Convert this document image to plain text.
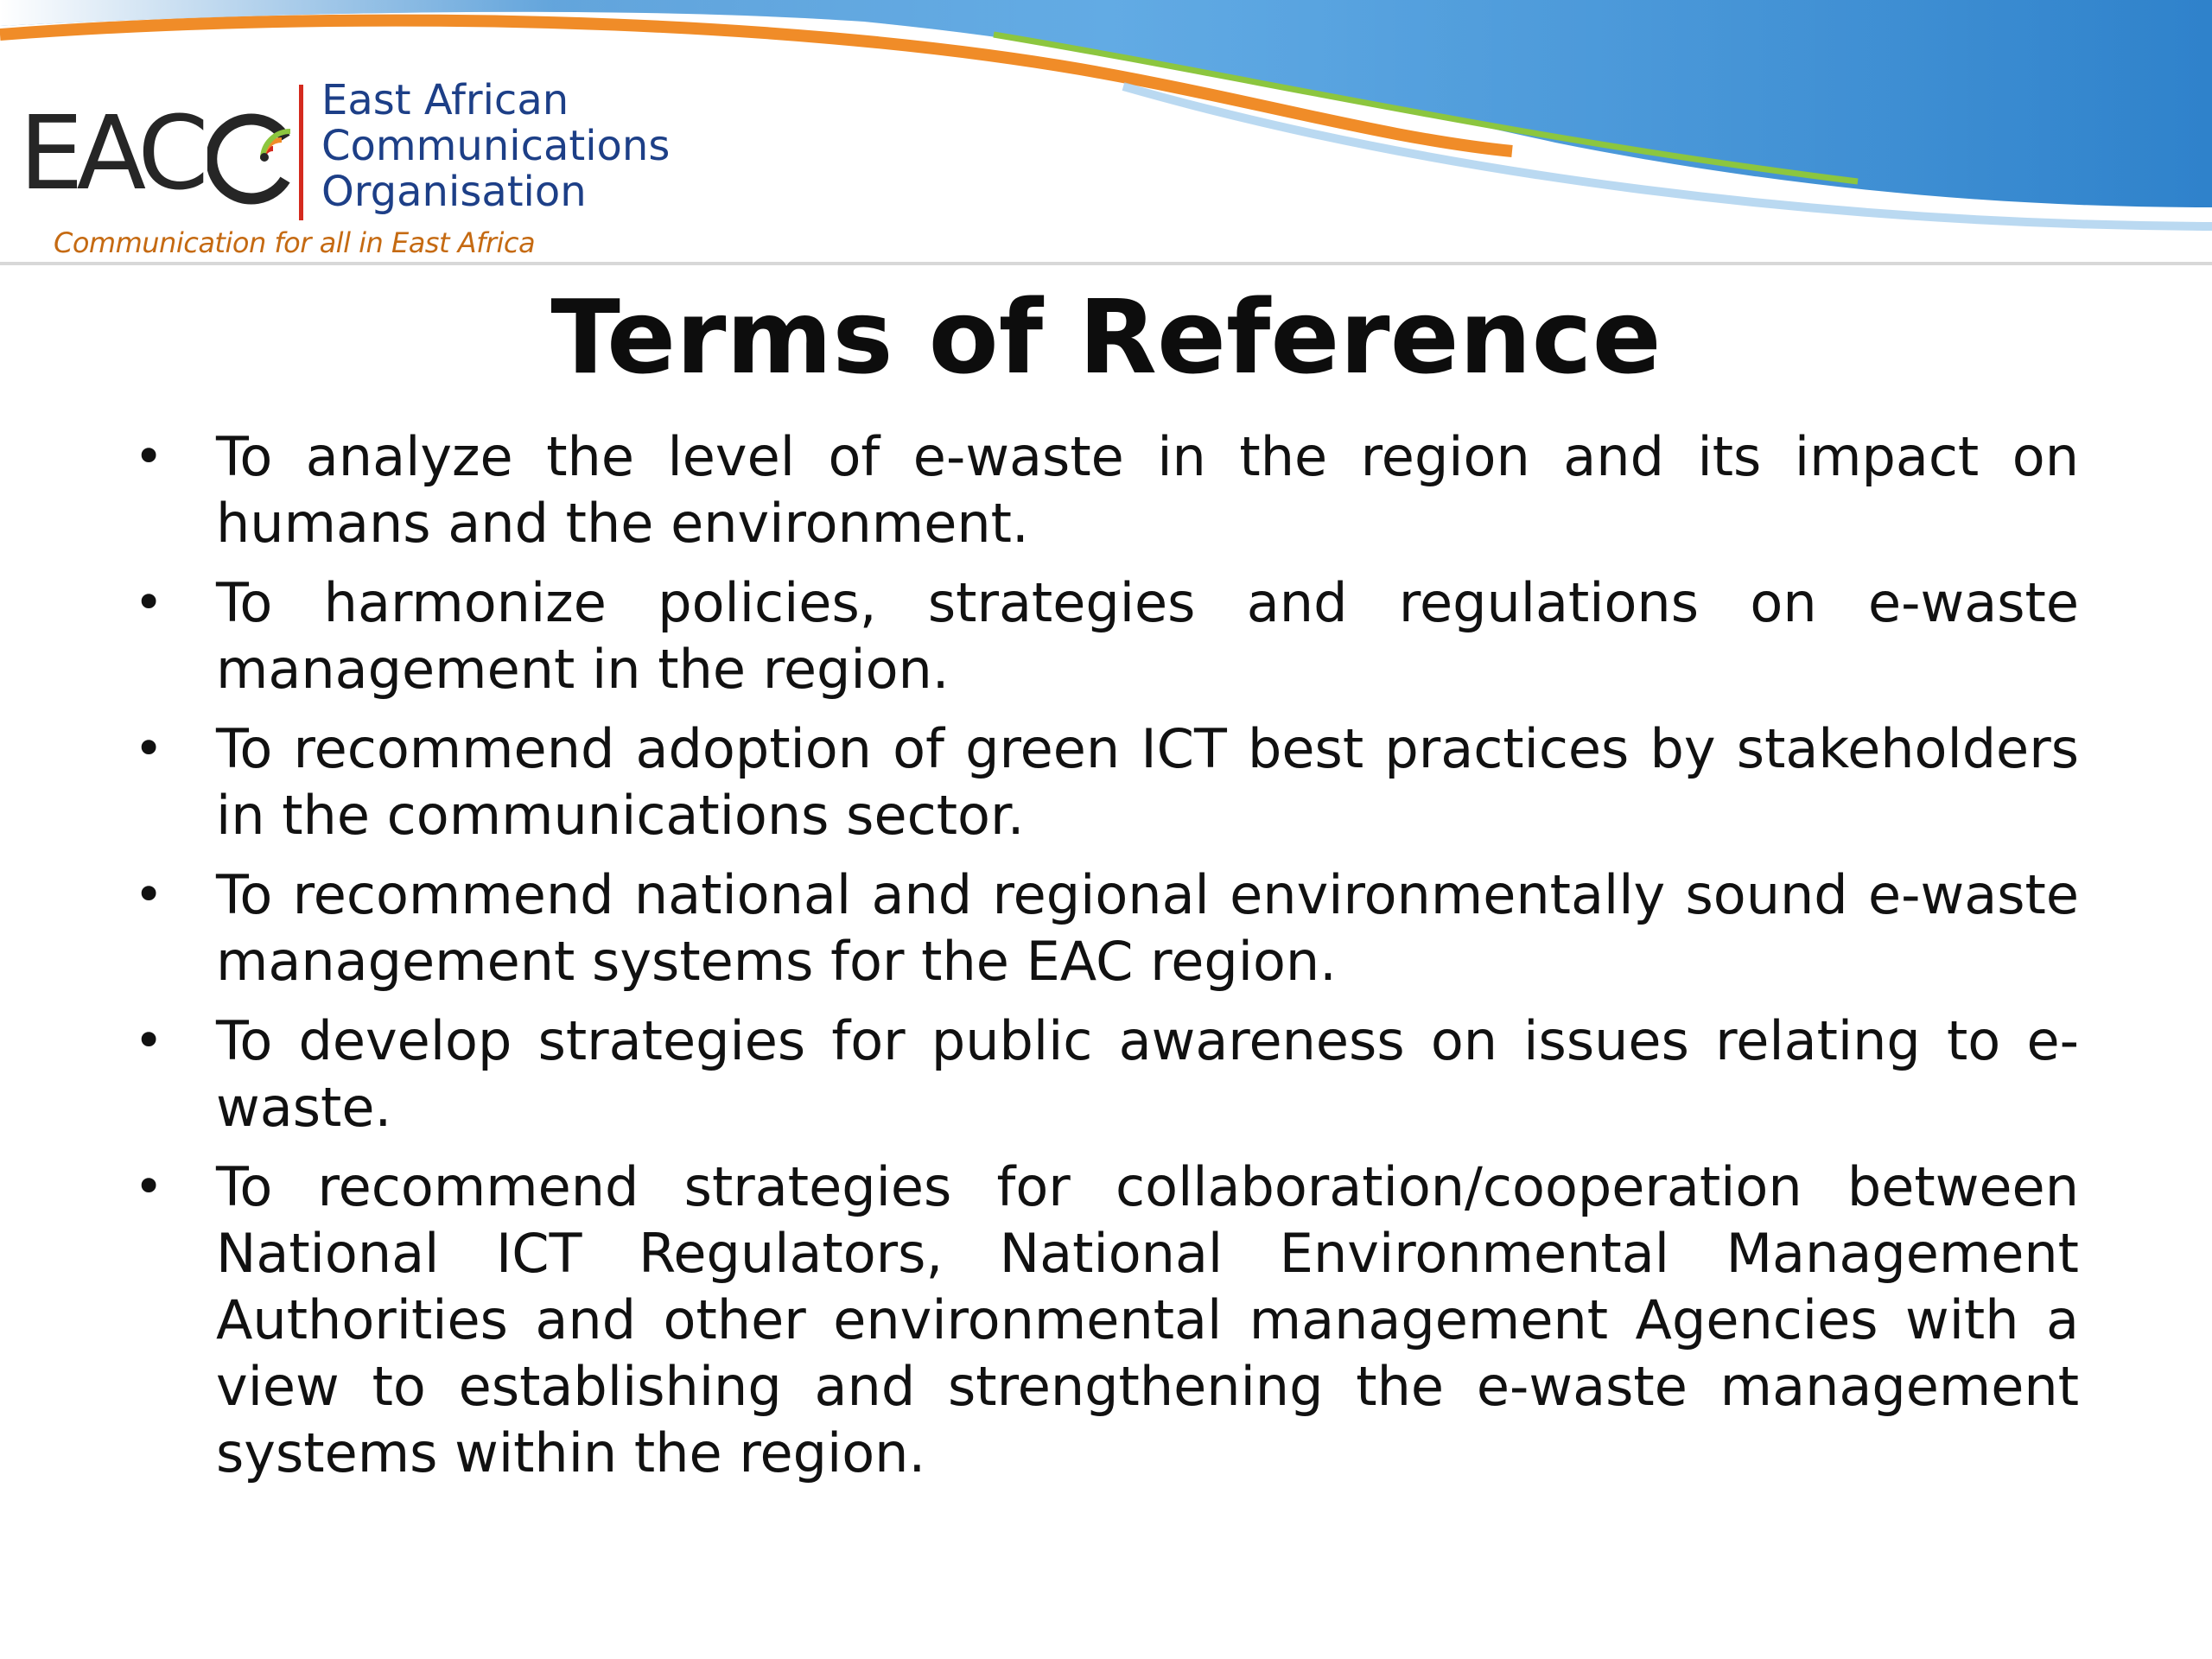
EAC	East African
Communications
Organisation
Communication for all in East Africa
Terms of Reference
• To analyze the level of e-waste in the region and its impact on humans and the environment.
• To harmonize policies, strategies and regulations on e-waste management in the region.
• To recommend adoption of green ICT best practices by stakeholders in the communications sector.
• To recommend national and regional environmentally sound e-waste management systems for the EAC region.
• To develop strategies for public awareness on issues relating to e-waste.
• To recommend strategies for collaboration/cooperation between National ICT Regulators, National Environmental Management Authorities and other environmental management Agencies with a view to establishing and strengthening the e-waste management systems within the region.
